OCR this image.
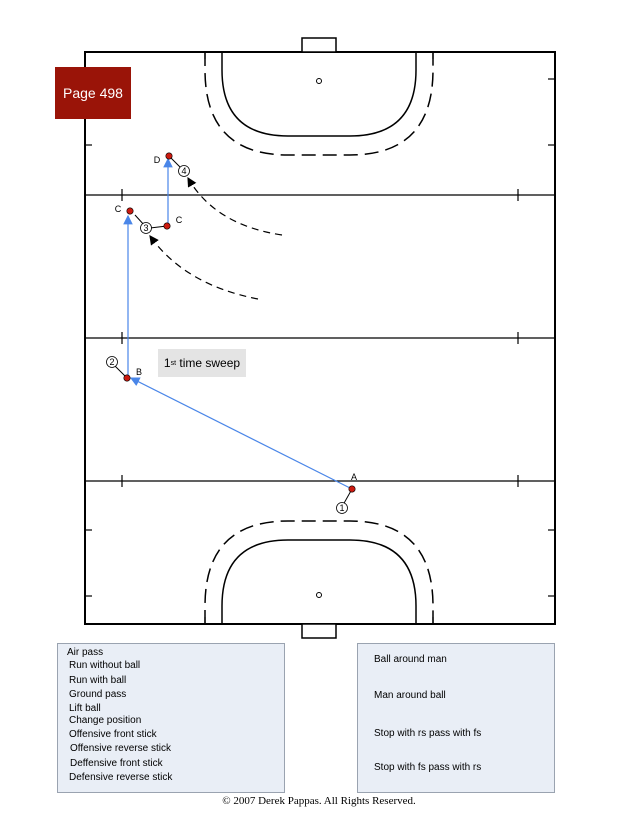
1
2
3
4
A
B
C
C
D
Page 498
1 st time sweep
Air pass
Run without ball
Run with ball
Ground pass
Lift ball
Change position
Offensive front stick
Offensive reverse stick
Deffensive front stick
Defensive reverse stick
Ball around man
Man around ball
Stop with rs pass with fs
Stop with fs pass with rs
© 2007 Derek Pappas. All Rights Reserved.
